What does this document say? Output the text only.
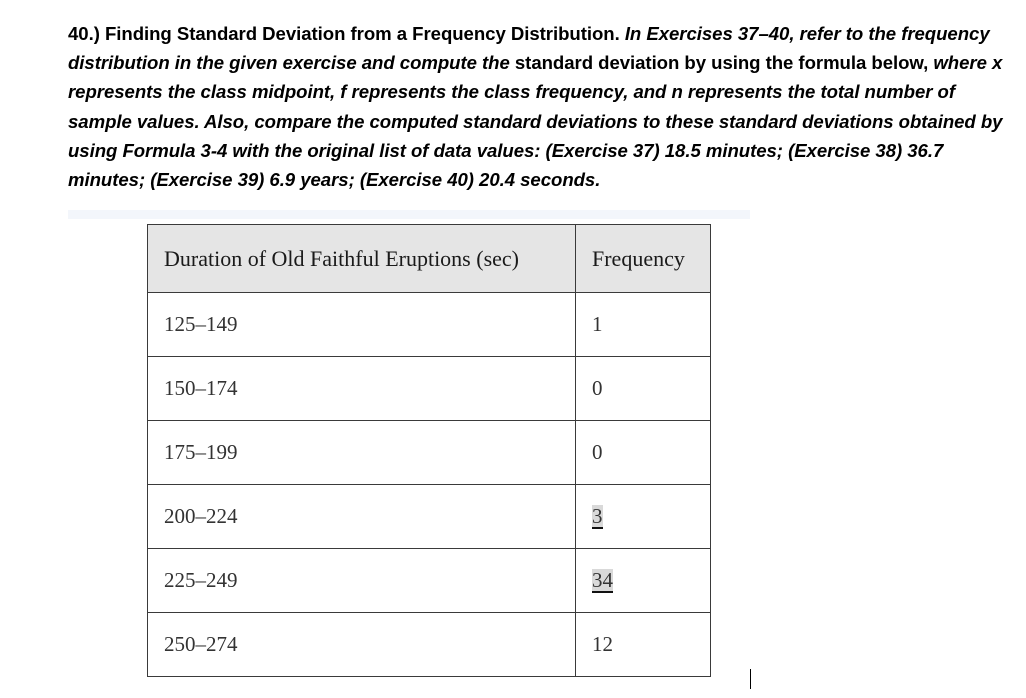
40.) Finding Standard Deviation from a Frequency Distribution. In Exercises 37–40, refer to the frequency distribution in the given exercise and compute the standard deviation by using the formula below, where x represents the class midpoint, f represents the class frequency, and n represents the total number of sample values. Also, compare the computed standard deviations to these standard deviations obtained by using Formula 3-4 with the original list of data values: (Exercise 37) 18.5 minutes; (Exercise 38) 36.7 minutes; (Exercise 39) 6.9 years; (Exercise 40) 20.4 seconds.

Duration of Old Faithful Eruptions (sec)	Frequency
125–149	1
150–174	0
175–199	0
200–224	3
225–249	34
250–274	12
